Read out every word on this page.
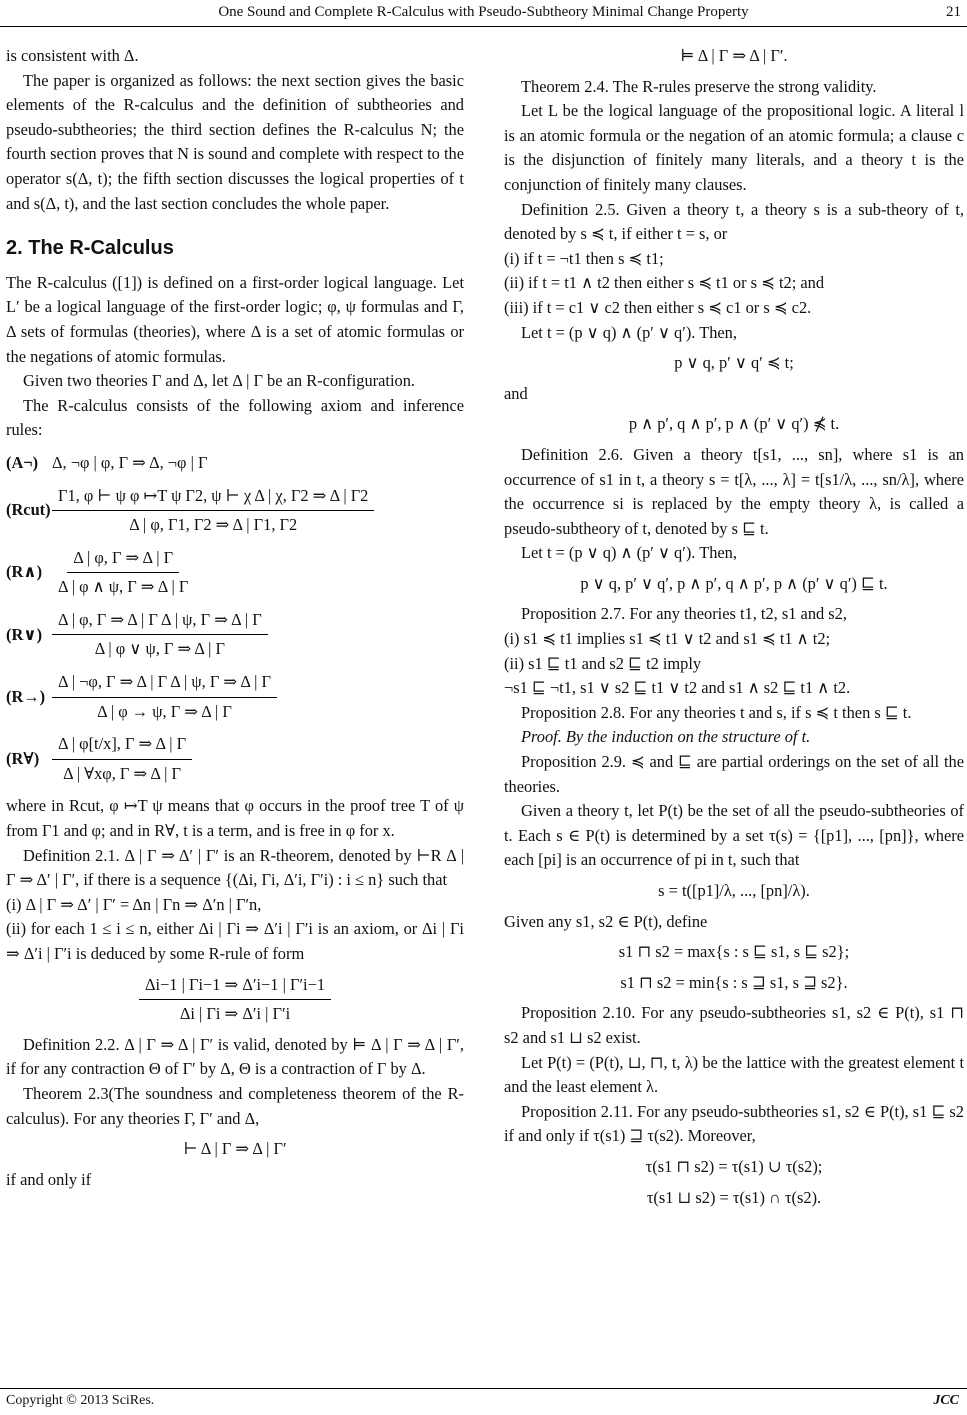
One Sound and Complete R-Calculus with Pseudo-Subtheory Minimal Change Property	21

is consistent with Δ.

The paper is organized as follows: the next section gives the basic elements of the R-calculus and the definition of subtheories and pseudo-subtheories; the third section defines the R-calculus N; the fourth section proves that N is sound and complete with respect to the operator s(Δ, t); the fifth section discusses the logical properties of t and s(Δ, t), and the last section concludes the whole paper.

2. The R-Calculus

The R-calculus ([1]) is defined on a first-order logical language. Let L′ be a logical language of the first-order logic; φ, ψ formulas and Γ, Δ sets of formulas (theories), where Δ is a set of atomic formulas or the negations of atomic formulas.

Given two theories Γ and Δ, let Δ | Γ be an R-configuration.

The R-calculus consists of the following axiom and inference rules:

(A¬) Δ, ¬φ | φ, Γ ⇒ Δ, ¬φ | Γ
(Rcut) $\frac{\text{Γ1, φ ⊢ ψ φ ↦T ψ Γ2, ψ ⊢ χ Δ | χ, Γ2 ⇒ Δ | Γ2}}{\Delta | \varphi, \Gamma 1, \Gamma 2 \Rightarrow \Delta | \Gamma 1, \Gamma 2}$
(R∧) $\frac{\Delta | \varphi, \Gamma \Rightarrow \Delta | \Gamma}{\Delta | \varphi \wedge \psi, \Gamma \Rightarrow \Delta | \Gamma}$
(R∨) $\frac{\text{Δ | φ, Γ ⇒ Δ | Γ Δ | ψ, Γ ⇒ Δ | Γ}}{\Delta | \varphi \vee \psi, \Gamma \Rightarrow \Delta | \Gamma}$
$(R\to) \frac{\text{Δ | ¬φ, Γ ⇒ Δ | Γ Δ | ψ, Γ ⇒ Δ | Γ}}{\Delta | \varphi \to \psi, \Gamma \Rightarrow \Delta | \Gamma}$
(R∀) $\frac{\Delta | \varphi[t/x], \Gamma \Rightarrow \Delta | \Gamma}{\Delta | \forall x\varphi, \Gamma \Rightarrow \Delta | \Gamma}$

where in Rcut, φ ↦T ψ means that φ occurs in the proof tree T of ψ from Γ1 and φ; and in R∀, t is a term, and is free in φ for x.

Definition 2.1. Δ | Γ ⇒ Δ′ | Γ′ is an R-theorem, denoted by ⊢R Δ | Γ ⇒ Δ′ | Γ′, if there is a sequence {(Δi, Γi, Δ′i, Γ′i) : i ≤ n} such that

(i) Δ | Γ ⇒ Δ′ | Γ′ = Δn | Γn ⇒ Δ′n | Γ′n,

(ii) for each 1 ≤ i ≤ n, either Δi | Γi ⇒ Δ′i | Γ′i is an axiom, or Δi | Γi ⇒ Δ′i | Γ′i is deduced by some R-rule of form

$\frac{\Delta i-1 | \Gamma i-1 \Rightarrow \Delta'i-1 | \Gamma'i-1}{\Delta i | \Gamma i \Rightarrow \Delta'i | \Gamma'i}$

Definition 2.2. Δ | Γ ⇒ Δ | Γ′ is valid, denoted by ⊨ Δ | Γ ⇒ Δ | Γ′, if for any contraction Θ of Γ′ by Δ, Θ is a contraction of Γ by Δ.

Theorem 2.3(The soundness and completeness theorem of the R-calculus). For any theories Γ, Γ′ and Δ,

⊢ Δ | Γ ⇒ Δ | Γ′

if and only if

⊨ Δ | Γ ⇒ Δ | Γ′.

Theorem 2.4. The R-rules preserve the strong validity.

Let L be the logical language of the propositional logic. A literal l is an atomic formula or the negation of an atomic formula; a clause c is the disjunction of finitely many literals, and a theory t is the conjunction of finitely many clauses.

Definition 2.5. Given a theory t, a theory s is a sub-theory of t, denoted by s ≼ t, if either t = s, or

(i) if t = ¬t1 then s ≼ t1;

(ii) if t = t1 ∧ t2 then either s ≼ t1 or s ≼ t2; and

(iii) if t = c1 ∨ c2 then either s ≼ c1 or s ≼ c2.

Let t = (p ∨ q) ∧ (p′ ∨ q′). Then,

p ∨ q, p′ ∨ q′ ≼ t;

and

p ∧ p′, q ∧ p′, p ∧ (p′ ∨ q′) ⋠ t.

Definition 2.6. Given a theory t[s1, ..., sn], where s1 is an occurrence of s1 in t, a theory s = t[λ, ..., λ] = t[s1/λ, ..., sn/λ], where the occurrence si is replaced by the empty theory λ, is called a pseudo-subtheory of t, denoted by s ⊑ t.

Let t = (p ∨ q) ∧ (p′ ∨ q′). Then,

p ∨ q, p′ ∨ q′, p ∧ p′, q ∧ p′, p ∧ (p′ ∨ q′) ⊑ t.

Proposition 2.7. For any theories t1, t2, s1 and s2,

(i) s1 ≼ t1 implies s1 ≼ t1 ∨ t2 and s1 ≼ t1 ∧ t2;

(ii) s1 ⊑ t1 and s2 ⊑ t2 imply

¬s1 ⊑ ¬t1, s1 ∨ s2 ⊑ t1 ∨ t2 and s1 ∧ s2 ⊑ t1 ∧ t2.

Proposition 2.8. For any theories t and s, if s ≼ t then s ⊑ t.

Proof. By the induction on the structure of t.

Proposition 2.9. ≼ and ⊑ are partial orderings on the set of all the theories.

Given a theory t, let P(t) be the set of all the pseudo-subtheories of t. Each s ∈ P(t) is determined by a set τ(s) = {[p1], ..., [pn]}, where each [pi] is an occurrence of pi in t, such that

s = t([p1]/λ, ..., [pn]/λ).

Given any s1, s2 ∈ P(t), define

s1 ⊓ s2 = max{s : s ⊑ s1, s ⊑ s2};
s1 ⊓ s2 = min{s : s ⊒ s1, s ⊒ s2}.

Proposition 2.10. For any pseudo-subtheories s1, s2 ∈ P(t), s1 ⊓ s2 and s1 ⊔ s2 exist.

Let P(t) = (P(t), ⊔, ⊓, t, λ) be the lattice with the greatest element t and the least element λ.

Proposition 2.11. For any pseudo-subtheories s1, s2 ∈ P(t), s1 ⊑ s2 if and only if τ(s1) ⊒ τ(s2). Moreover,

τ(s1 ⊓ s2) = τ(s1) ∪ τ(s2);
τ(s1 ⊔ s2) = τ(s1) ∩ τ(s2).
Copyright © 2013 SciRes.	JCC
